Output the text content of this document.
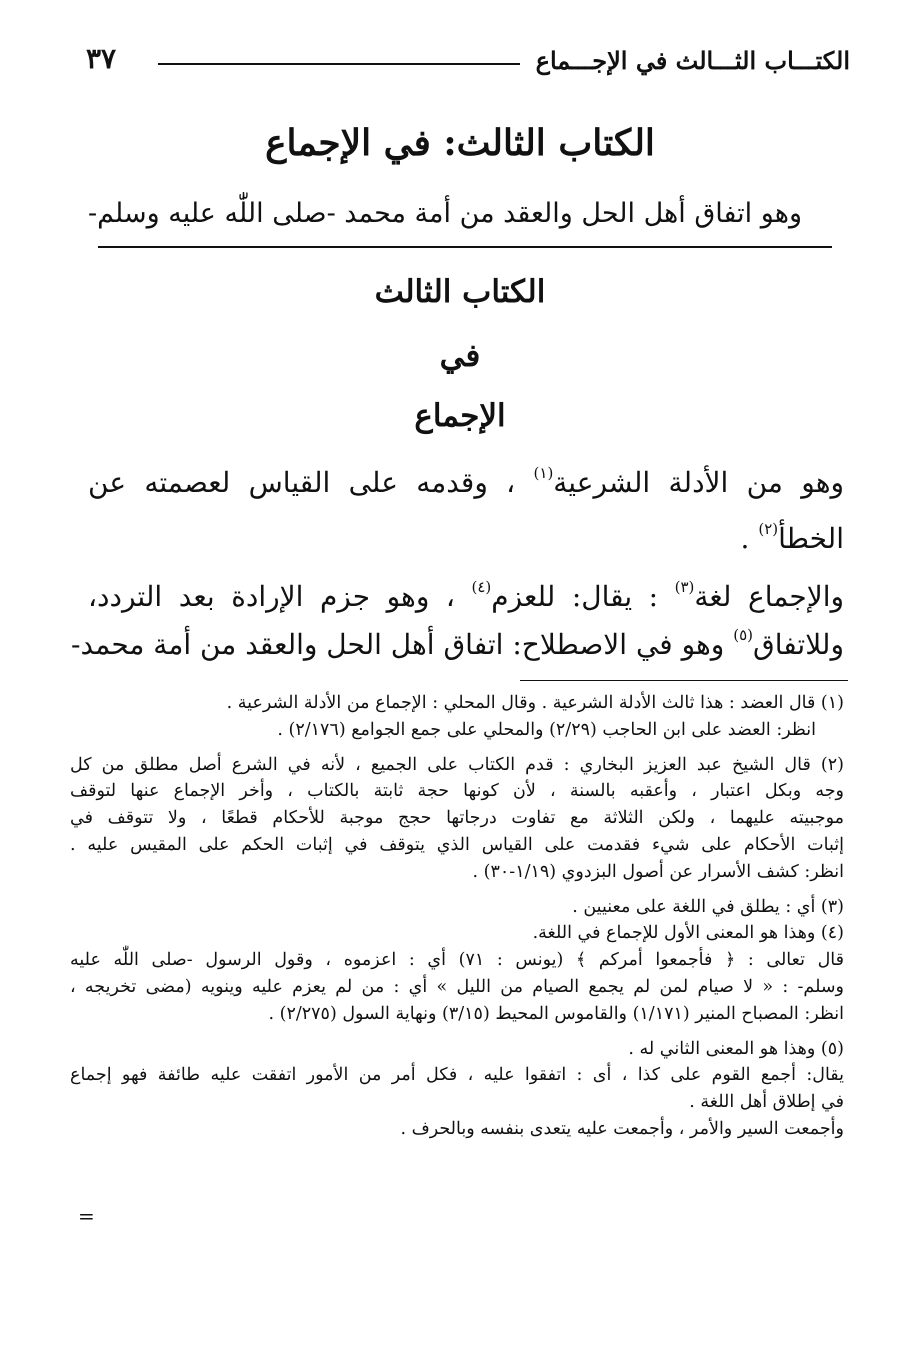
الكتـــاب الثـــالث في الإجـــماع
٣٧
الكتاب الثالث: في الإجماع
وهو اتفاق أهل الحل والعقد من أمة محمد -صلى اللّٰه عليه وسلم-
الكتاب الثالث
في
الإجماع
وهو من الأدلة الشرعية$^{(١)}$ ، وقدمه على القياس لعصمته عن
الخطأ$^{(٢)}$ .
والإجماع لغة$^{(٣)}$ : يقال: للعزم$^{(٤)}$ ، وهو جزم الإرادة بعد التردد،
وللاتفاق$^{(٥)}$ وهو في الاصطلاح: اتفاق أهل الحل والعقد من أمة محمد-
(١) قال العضد : هذا ثالث الأدلة الشرعية . وقال المحلي : الإجماع من الأدلة الشرعية .
انظر: العضد على ابن الحاجب (٢/٢٩) والمحلي على جمع الجوامع (٢/١٧٦) .
(٢) قال الشيخ عبد العزيز البخاري : قدم الكتاب على الجميع ، لأنه في الشرع أصل مطلق من كل
وجه وبكل اعتبار ، وأعقبه بالسنة ، لأن كونها حجة ثابتة بالكتاب ، وأخر الإجماع عنها لتوقف
موجبيته عليهما ، ولكن الثلاثة مع تفاوت درجاتها حجج موجبة للأحكام قطعًا ، ولا تتوقف في
إثبات الأحكام على شيء فقدمت على القياس الذي يتوقف في إثبات الحكم على المقيس عليه .
انظر: كشف الأسرار عن أصول البزدوي (١/١٩-٣٠) .
(٣) أي : يطلق في اللغة على معنيين .
(٤) وهذا هو المعنى الأول للإجماع في اللغة.
قال تعالى : ﴿ فأجمعوا أمركم ﴾ (يونس : ٧١) أي : اعزموه ، وقول الرسول -صلى اللّٰه عليه
وسلم- : « لا صيام لمن لم يجمع الصيام من الليل » أي : من لم يعزم عليه وينويه (مضى تخريجه ،
انظر: المصباح المنير (١/١٧١) والقاموس المحيط (٣/١٥) ونهاية السول (٢/٢٧٥) .
(٥) وهذا هو المعنى الثاني له .
يقال: أجمع القوم على كذا ، أى : اتفقوا عليه ، فكل أمر من الأمور اتفقت عليه طائفة فهو إجماع
في إطلاق أهل اللغة .
وأجمعت السير والأمر ، وأجمعت عليه يتعدى بنفسه وبالحرف .
=
